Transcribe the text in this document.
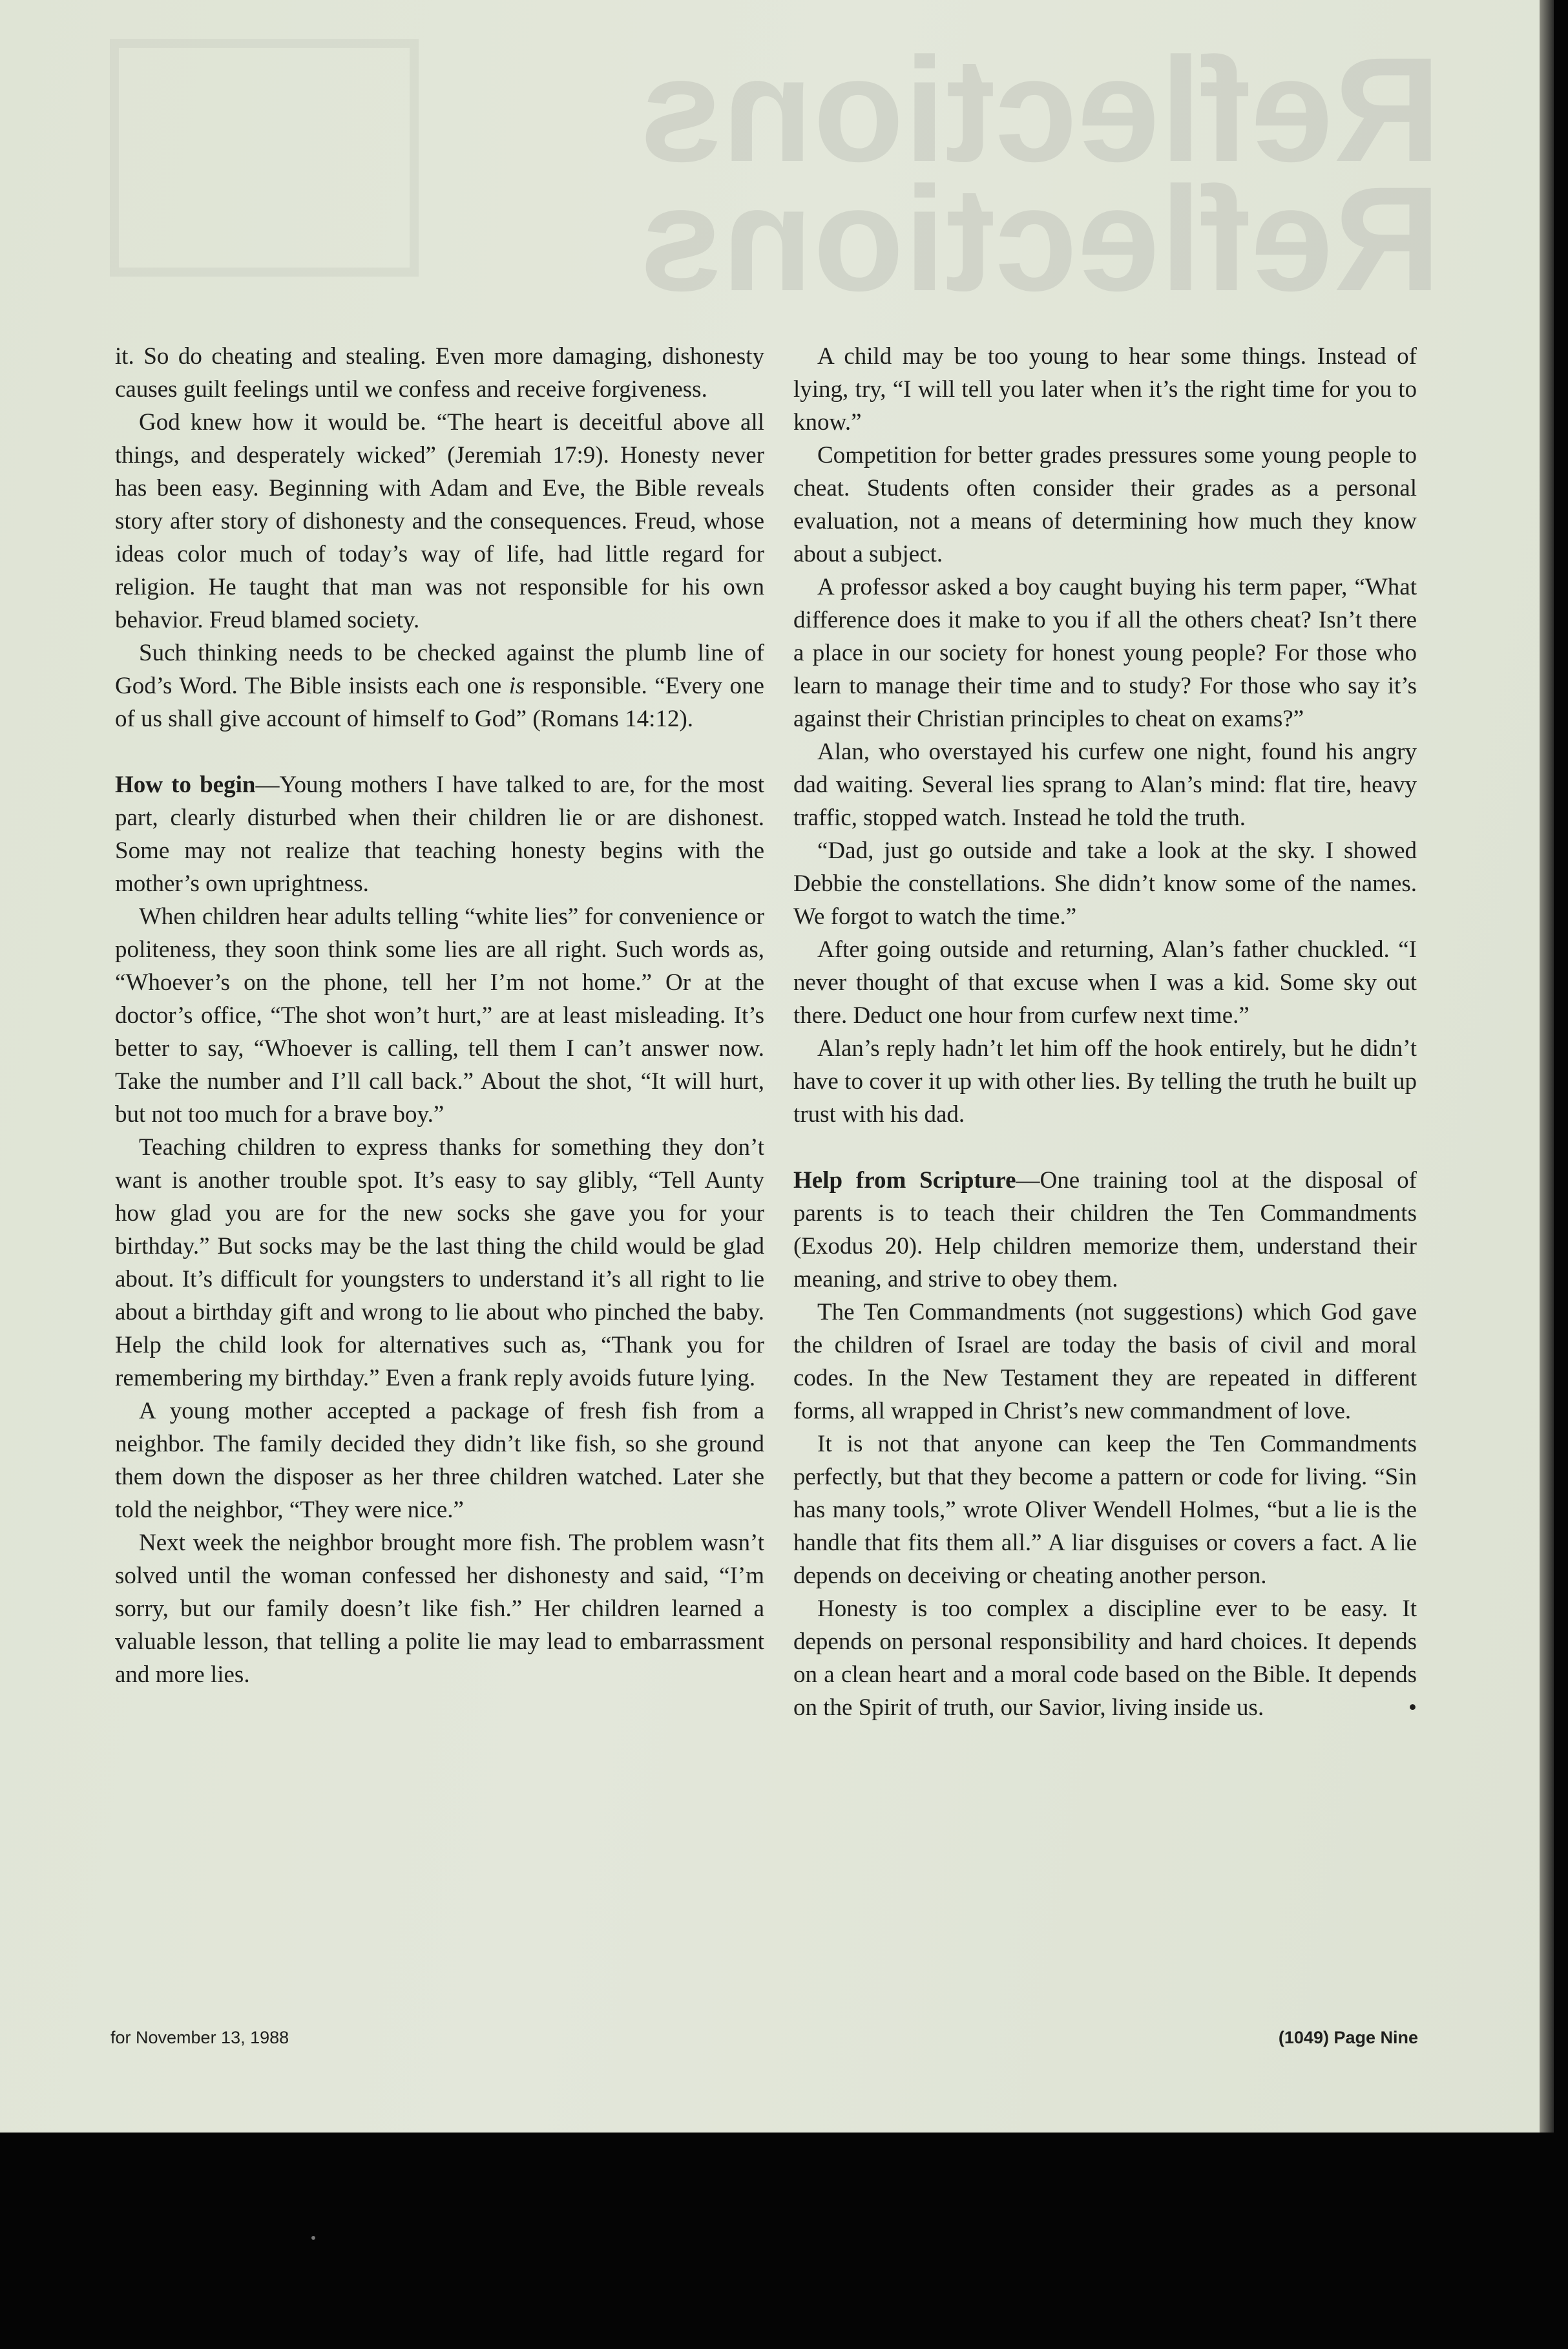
Reflections
Reflections

it. So do cheating and stealing. Even more damaging, dishonesty causes guilt feelings until we confess and receive forgiveness.

God knew how it would be. “The heart is deceitful above all things, and desperately wicked” (Jeremiah 17:9). Honesty never has been easy. Beginning with Adam and Eve, the Bible reveals story after story of dishonesty and the consequences. Freud, whose ideas color much of today’s way of life, had little regard for religion. He taught that man was not responsible for his own behavior. Freud blamed society.

Such thinking needs to be checked against the plumb line of God’s Word. The Bible insists each one is responsible. “Every one of us shall give account of himself to God” (Romans 14:12).

How to begin—Young mothers I have talked to are, for the most part, clearly disturbed when their children lie or are dishonest. Some may not realize that teaching honesty begins with the mother’s own uprightness.

When children hear adults telling “white lies” for convenience or politeness, they soon think some lies are all right. Such words as, “Whoever’s on the phone, tell her I’m not home.” Or at the doctor’s office, “The shot won’t hurt,” are at least misleading. It’s better to say, “Whoever is calling, tell them I can’t answer now. Take the number and I’ll call back.” About the shot, “It will hurt, but not too much for a brave boy.”

Teaching children to express thanks for something they don’t want is another trouble spot. It’s easy to say glibly, “Tell Aunty how glad you are for the new socks she gave you for your birthday.” But socks may be the last thing the child would be glad about. It’s difficult for youngsters to understand it’s all right to lie about a birthday gift and wrong to lie about who pinched the baby. Help the child look for alternatives such as, “Thank you for remembering my birthday.” Even a frank reply avoids future lying.

A young mother accepted a package of fresh fish from a neighbor. The family decided they didn’t like fish, so she ground them down the disposer as her three children watched. Later she told the neighbor, “They were nice.”

Next week the neighbor brought more fish. The problem wasn’t solved until the woman confessed her dishonesty and said, “I’m sorry, but our family doesn’t like fish.” Her children learned a valuable lesson, that telling a polite lie may lead to embarrassment and more lies.

A child may be too young to hear some things. Instead of lying, try, “I will tell you later when it’s the right time for you to know.”

Competition for better grades pressures some young people to cheat. Students often consider their grades as a personal evaluation, not a means of determining how much they know about a subject.

A professor asked a boy caught buying his term paper, “What difference does it make to you if all the others cheat? Isn’t there a place in our society for honest young people? For those who learn to manage their time and to study? For those who say it’s against their Christian principles to cheat on exams?”

Alan, who overstayed his curfew one night, found his angry dad waiting. Several lies sprang to Alan’s mind: flat tire, heavy traffic, stopped watch. Instead he told the truth.

“Dad, just go outside and take a look at the sky. I showed Debbie the constellations. She didn’t know some of the names. We forgot to watch the time.”

After going outside and returning, Alan’s father chuckled. “I never thought of that excuse when I was a kid. Some sky out there. Deduct one hour from curfew next time.”

Alan’s reply hadn’t let him off the hook entirely, but he didn’t have to cover it up with other lies. By telling the truth he built up trust with his dad.

Help from Scripture—One training tool at the disposal of parents is to teach their children the Ten Commandments (Exodus 20). Help children memorize them, understand their meaning, and strive to obey them.

The Ten Commandments (not suggestions) which God gave the children of Israel are today the basis of civil and moral codes. In the New Testament they are repeated in different forms, all wrapped in Christ’s new commandment of love.

It is not that anyone can keep the Ten Commandments perfectly, but that they become a pattern or code for living. “Sin has many tools,” wrote Oliver Wendell Holmes, “but a lie is the handle that fits them all.” A liar disguises or covers a fact. A lie depends on deceiving or cheating another person.

Honesty is too complex a discipline ever to be easy. It depends on personal responsibility and hard choices. It depends on a clean heart and a moral code based on the Bible. It depends on the Spirit of truth, our Savior, living inside us.	•

for November 13, 1988	(1049) Page Nine
